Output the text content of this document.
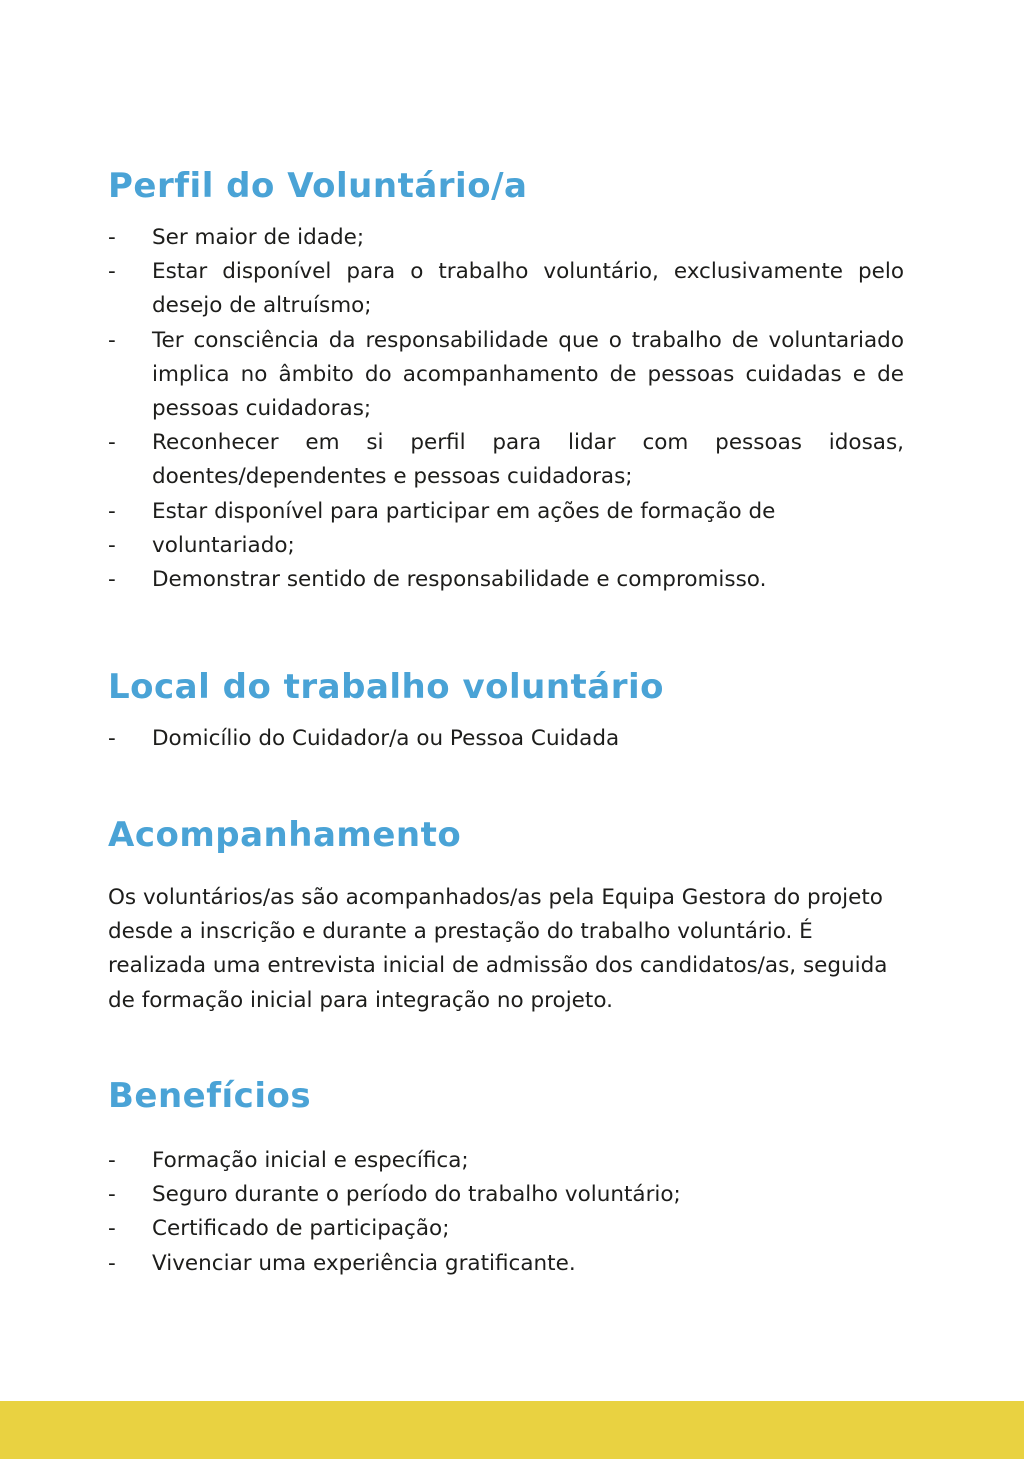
Perfil do Voluntário/a
- Ser maior de idade;
- Estar disponível para o trabalho voluntário, exclusivamente pelo desejo de altruísmo;
- Ter consciência da responsabilidade que o trabalho de voluntariado implica no âmbito do acompanhamento de pessoas cuidadas e de pessoas cuidadoras;
- Reconhecer em si perfil para lidar com pessoas idosas, doentes/dependentes e pessoas cuidadoras;
- Estar disponível para participar em ações de formação de
- voluntariado;
- Demonstrar sentido de responsabilidade e compromisso.
Local do trabalho voluntário
- Domicílio do Cuidador/a ou Pessoa Cuidada
Acompanhamento

Os voluntários/as são acompanhados/as pela Equipa Gestora do projeto desde a inscrição e durante a prestação do trabalho voluntário. É realizada uma entrevista inicial de admissão dos candidatos/as, seguida de formação inicial para integração no projeto.

Benefícios
- Formação inicial e específica;
- Seguro durante o período do trabalho voluntário;
- Certificado de participação;
- Vivenciar uma experiência gratificante.
